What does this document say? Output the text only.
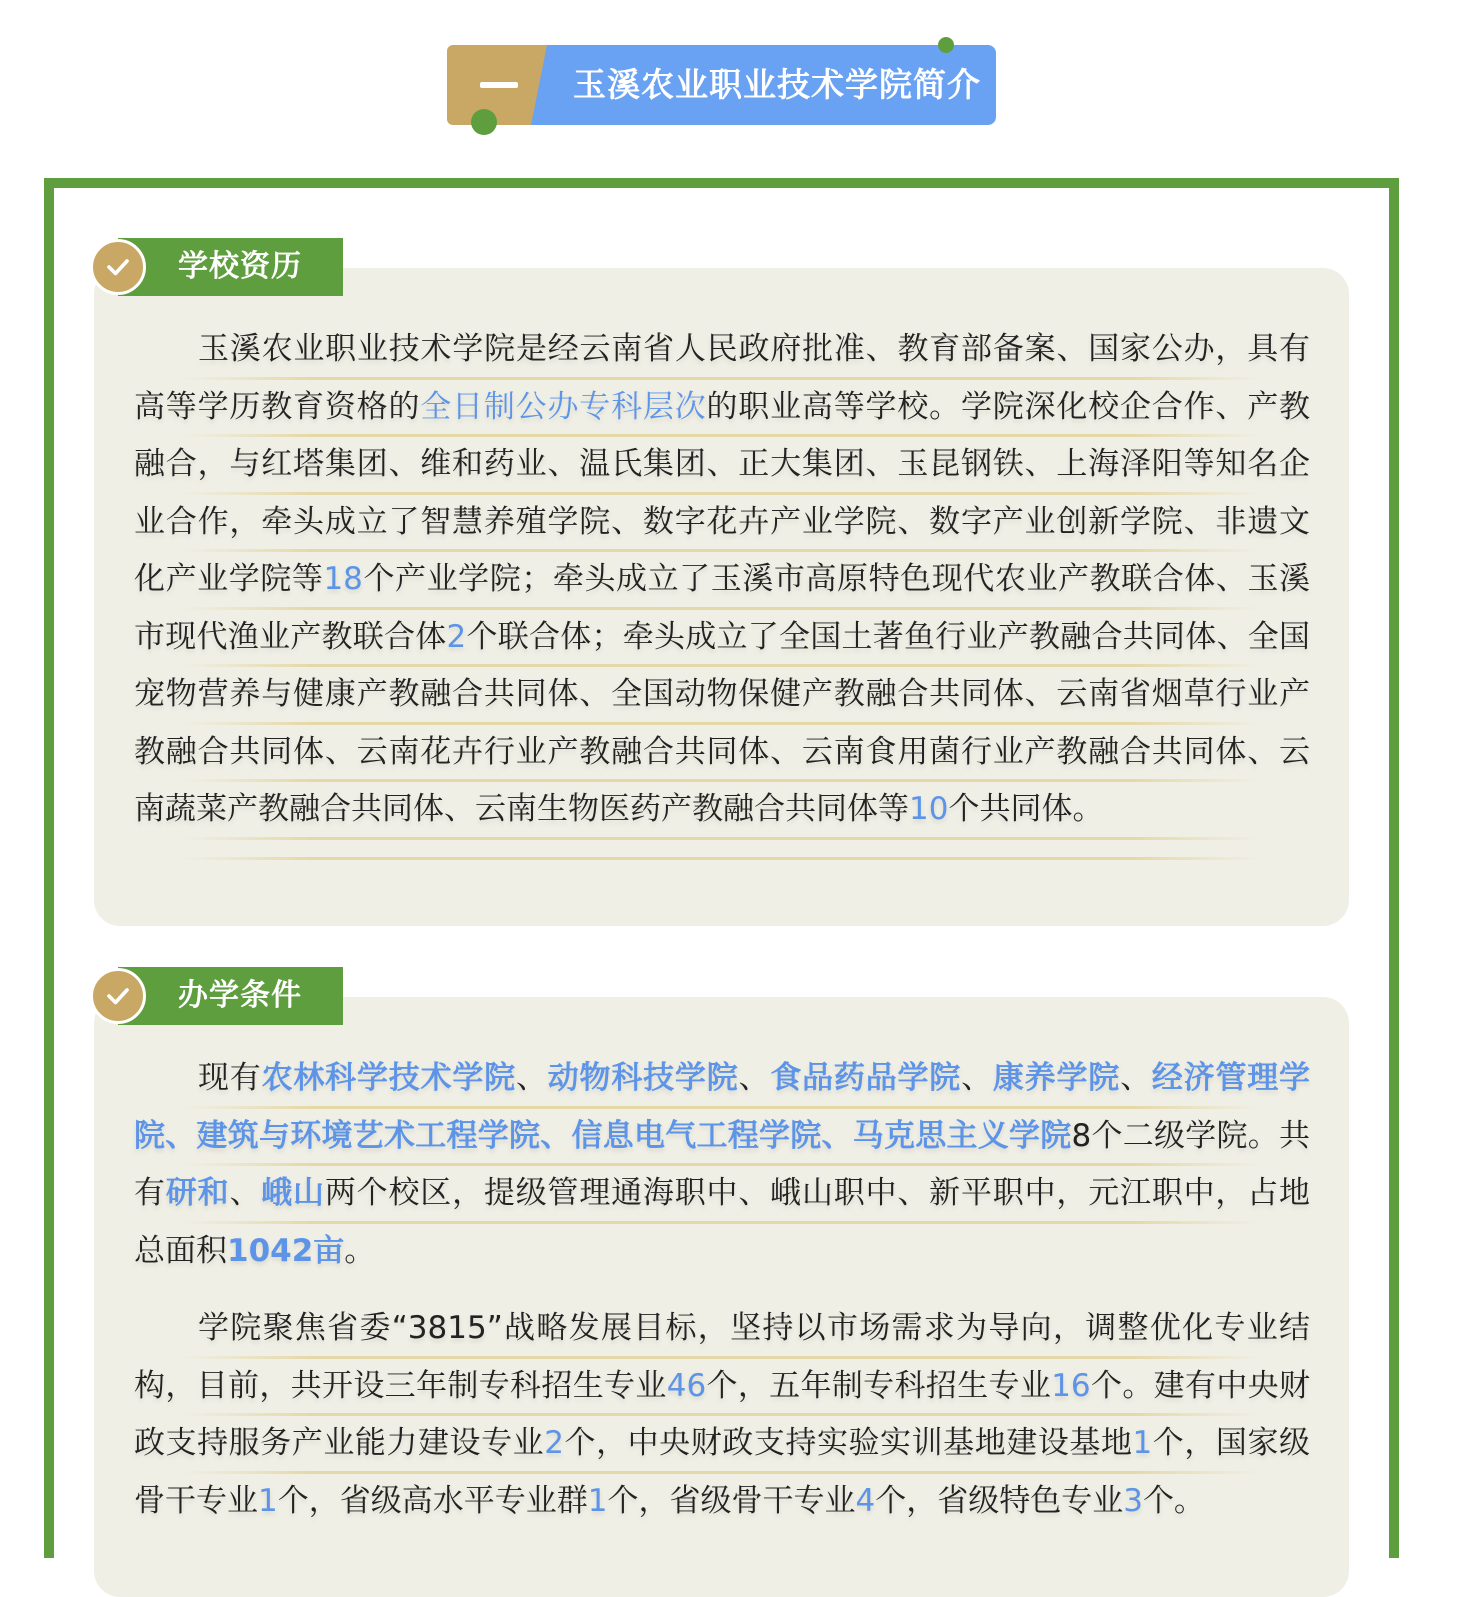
玉溪农业职业技术学院简介
学校资历

玉溪农业职业技术学院是经云南省人民政府批准、教育部备案、国家公办，具有高等学历教育资格的全日制公办专科层次的职业高等学校。学院深化校企合作、产教融合，与红塔集团、维和药业、温氏集团、正大集团、玉昆钢铁、上海泽阳等知名企业合作，牵头成立了智慧养殖学院、数字花卉产业学院、数字产业创新学院、非遗文化产业学院等18个产业学院；牵头成立了玉溪市高原特色现代农业产教联合体、玉溪市现代渔业产教联合体2个联合体；牵头成立了全国土著鱼行业产教融合共同体、全国宠物营养与健康产教融合共同体、全国动物保健产教融合共同体、云南省烟草行业产教融合共同体、云南花卉行业产教融合共同体、云南食用菌行业产教融合共同体、云南蔬菜产教融合共同体、云南生物医药产教融合共同体等10个共同体。

办学条件

现有农林科学技术学院、动物科技学院、食品药品学院、康养学院、经济管理学院、建筑与环境艺术工程学院、信息电气工程学院、马克思主义学院8个二级学院。共有研和、峨山两个校区，提级管理通海职中、峨山职中、新平职中，元江职中，占地总面积1042亩。

学院聚焦省委“3815”战略发展目标，坚持以市场需求为导向，调整优化专业结构，目前，共开设三年制专科招生专业46个，五年制专科招生专业16个。建有中央财政支持服务产业能力建设专业2个，中央财政支持实验实训基地建设基地1个，国家级骨干专业1个，省级高水平专业群1个，省级骨干专业4个，省级特色专业3个。
